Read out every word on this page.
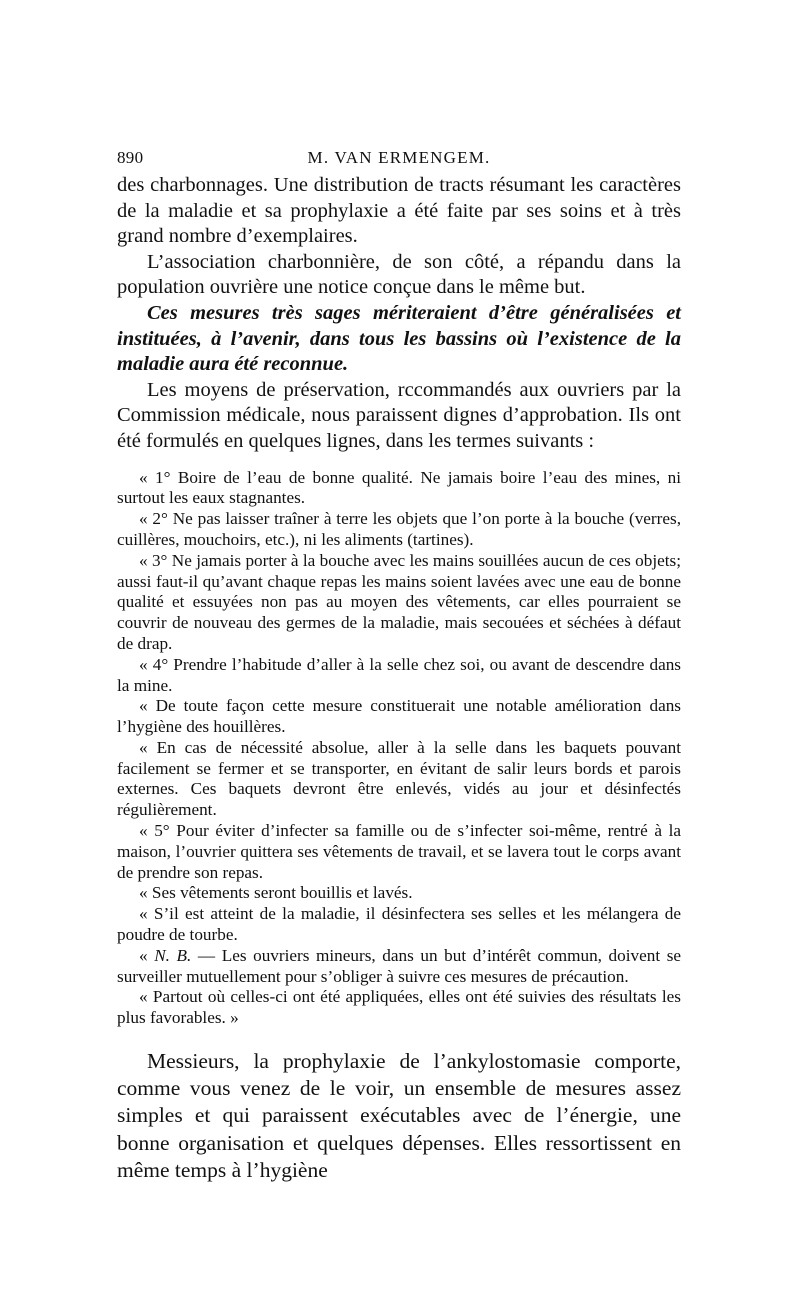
890	M. VAN ERMENGEM.

des charbonnages. Une distribution de tracts résumant les caractères de la maladie et sa prophylaxie a été faite par ses soins et à très grand nombre d’exemplaires.

L’association charbonnière, de son côté, a répandu dans la population ouvrière une notice conçue dans le même but.

Ces mesures très sages mériteraient d’être généralisées et instituées, à l’avenir, dans tous les bassins où l’existence de la maladie aura été reconnue.

Les moyens de préservation, rccommandés aux ouvriers par la Commission médicale, nous paraissent dignes d’approbation. Ils ont été formulés en quelques lignes, dans les termes suivants :

« 1° Boire de l’eau de bonne qualité. Ne jamais boire l’eau des mines, ni surtout les eaux stagnantes.

« 2° Ne pas laisser traîner à terre les objets que l’on porte à la bouche (verres, cuillères, mouchoirs, etc.), ni les aliments (tartines).

« 3° Ne jamais porter à la bouche avec les mains souillées aucun de ces objets; aussi faut-il qu’avant chaque repas les mains soient lavées avec une eau de bonne qualité et essuyées non pas au moyen des vêtements, car elles pourraient se couvrir de nouveau des germes de la maladie, mais secouées et séchées à défaut de drap.

« 4° Prendre l’habitude d’aller à la selle chez soi, ou avant de descendre dans la mine.

« De toute façon cette mesure constituerait une notable amélioration dans l’hygiène des houillères.

« En cas de nécessité absolue, aller à la selle dans les baquets pouvant facilement se fermer et se transporter, en évitant de salir leurs bords et parois externes. Ces baquets devront être enlevés, vidés au jour et désinfectés régulièrement.

« 5° Pour éviter d’infecter sa famille ou de s’infecter soi-même, rentré à la maison, l’ouvrier quittera ses vêtements de travail, et se lavera tout le corps avant de prendre son repas.

« Ses vêtements seront bouillis et lavés.

« S’il est atteint de la maladie, il désinfectera ses selles et les mélangera de poudre de tourbe.

« N. B. — Les ouvriers mineurs, dans un but d’intérêt commun, doivent se surveiller mutuellement pour s’obliger à suivre ces mesures de précaution.

« Partout où celles-ci ont été appliquées, elles ont été suivies des résultats les plus favorables. »

Messieurs, la prophylaxie de l’ankylostomasie comporte, comme vous venez de le voir, un ensemble de mesures assez simples et qui paraissent exécutables avec de l’énergie, une bonne organisation et quelques dépenses. Elles ressortissent en même temps à l’hygiène
